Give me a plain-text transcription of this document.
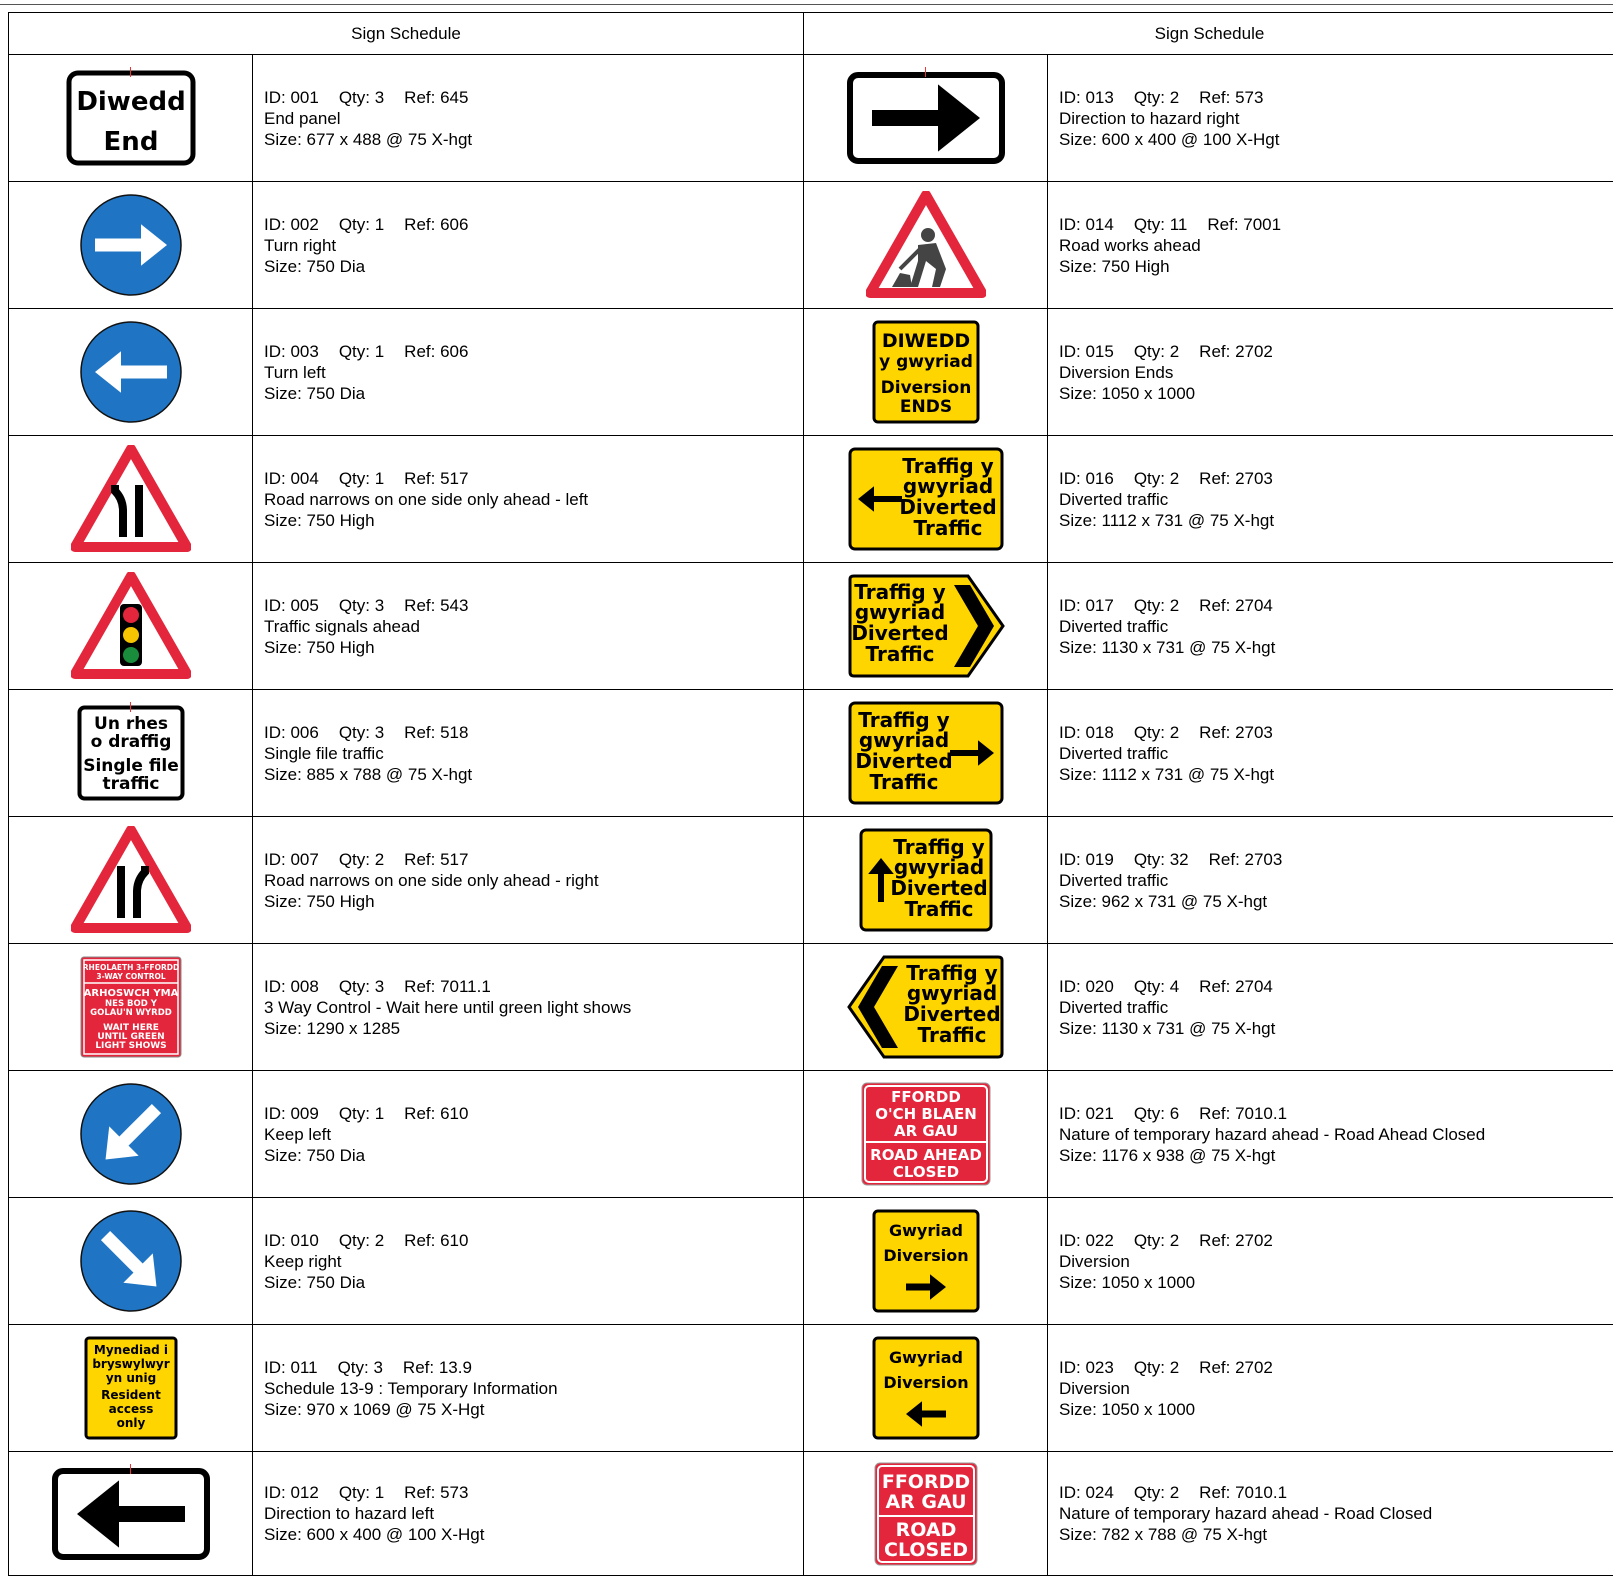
Sign Schedule
Diwedd
End
ID: 001 Qty: 3 Ref: 645
End panel
Size: 677 x 488 @ 75 X-hgt
ID: 002 Qty: 1 Ref: 606
Turn right
Size: 750 Dia
ID: 003 Qty: 1 Ref: 606
Turn left
Size: 750 Dia
ID: 004 Qty: 1 Ref: 517
Road narrows on one side only ahead - left
Size: 750 High
ID: 005 Qty: 3 Ref: 543
Traffic signals ahead
Size: 750 High
Un rhes
o draffig
Single file
traffic
ID: 006 Qty: 3 Ref: 518
Single file traffic
Size: 885 x 788 @ 75 X-hgt
ID: 007 Qty: 2 Ref: 517
Road narrows on one side only ahead - right
Size: 750 High
RHEOLAETH 3-FFORDD
3-WAY CONTROL
ARHOSWCH YMA
NES BOD Y
GOLAU'N WYRDD
WAIT HERE
UNTIL GREEN
LIGHT SHOWS
ID: 008 Qty: 3 Ref: 7011.1
3 Way Control - Wait here until green light shows
Size: 1290 x 1285
ID: 009 Qty: 1 Ref: 610
Keep left
Size: 750 Dia
ID: 010 Qty: 2 Ref: 610
Keep right
Size: 750 Dia
Mynediad i
bryswylwyr
yn unig
Resident
access
only
ID: 011 Qty: 3 Ref: 13.9
Schedule 13-9 : Temporary Information
Size: 970 x 1069 @ 75 X-Hgt
ID: 012 Qty: 1 Ref: 573
Direction to hazard left
Size: 600 x 400 @ 100 X-Hgt
Sign Schedule
ID: 013 Qty: 2 Ref: 573
Direction to hazard right
Size: 600 x 400 @ 100 X-Hgt
ID: 014 Qty: 11 Ref: 7001
Road works ahead
Size: 750 High
DIWEDD
y gwyriad
Diversion
ENDS
ID: 015 Qty: 2 Ref: 2702
Diversion Ends
Size: 1050 x 1000
Traffig y
gwyriad
Diverted
Traffic
ID: 016 Qty: 2 Ref: 2703
Diverted traffic
Size: 1112 x 731 @ 75 X-hgt
Traffig y
gwyriad
Diverted
Traffic
ID: 017 Qty: 2 Ref: 2704
Diverted traffic
Size: 1130 x 731 @ 75 X-hgt
Traffig y
gwyriad
Diverted
Traffic
ID: 018 Qty: 2 Ref: 2703
Diverted traffic
Size: 1112 x 731 @ 75 X-hgt
Traffig y
gwyriad
Diverted
Traffic
ID: 019 Qty: 32 Ref: 2703
Diverted traffic
Size: 962 x 731 @ 75 X-hgt
Traffig y
gwyriad
Diverted
Traffic
ID: 020 Qty: 4 Ref: 2704
Diverted traffic
Size: 1130 x 731 @ 75 X-hgt
FFORDD
O'CH BLAEN
AR GAU
ROAD AHEAD
CLOSED
ID: 021 Qty: 6 Ref: 7010.1
Nature of temporary hazard ahead - Road Ahead Closed
Size: 1176 x 938 @ 75 X-hgt
Gwyriad
Diversion
ID: 022 Qty: 2 Ref: 2702
Diversion
Size: 1050 x 1000
Gwyriad
Diversion
ID: 023 Qty: 2 Ref: 2702
Diversion
Size: 1050 x 1000
FFORDD
AR GAU
ROAD
CLOSED
ID: 024 Qty: 2 Ref: 7010.1
Nature of temporary hazard ahead - Road Closed
Size: 782 x 788 @ 75 X-hgt
